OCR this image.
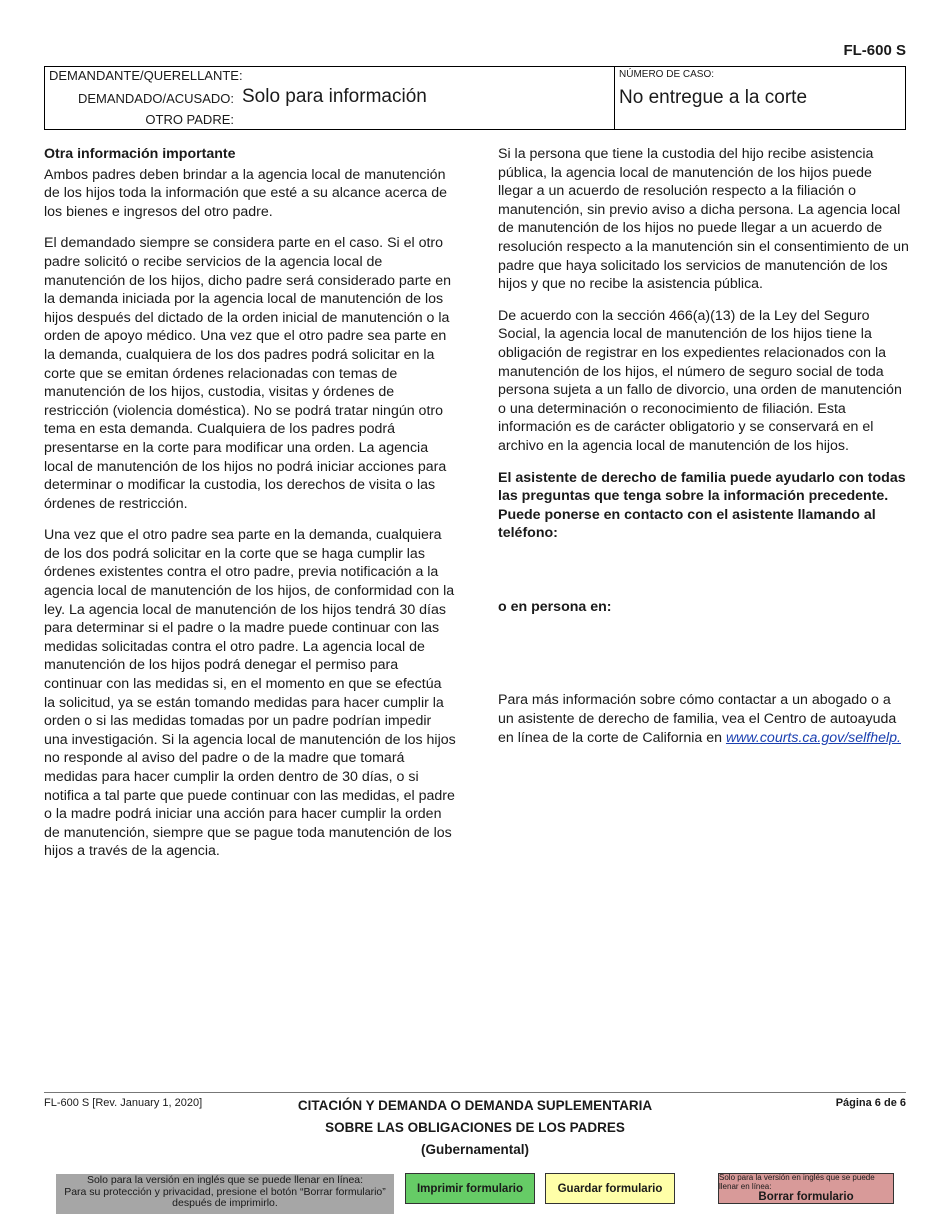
FL-600 S
DEMANDANTE/QUERELLANTE:
DEMANDADO/ACUSADO: Solo para información
OTRO PADRE:
NÚMERO DE CASO:
No entregue a la corte
Otra información importante

Ambos padres deben brindar a la agencia local de manutención de los hijos toda la información que esté a su alcance acerca de los bienes e ingresos del otro padre.

El demandado siempre se considera parte en el caso. Si el otro padre solicitó o recibe servicios de la agencia local de manutención de los hijos, dicho padre será considerado parte en la demanda iniciada por la agencia local de manutención de los hijos después del dictado de la orden inicial de manutención o la orden de apoyo médico. Una vez que el otro padre sea parte en la demanda, cualquiera de los dos padres podrá solicitar en la corte que se emitan órdenes relacionadas con temas de manutención de los hijos, custodia, visitas y órdenes de restricción (violencia doméstica). No se podrá tratar ningún otro tema en esta demanda. Cualquiera de los padres podrá presentarse en la corte para modificar una orden. La agencia local de manutención de los hijos no podrá iniciar acciones para determinar o modificar la custodia, los derechos de visita o las órdenes de restricción.

Una vez que el otro padre sea parte en la demanda, cualquiera de los dos podrá solicitar en la corte que se haga cumplir las órdenes existentes contra el otro padre, previa notificación a la agencia local de manutención de los hijos, de conformidad con la ley. La agencia local de manutención de los hijos tendrá 30 días para determinar si el padre o la madre puede continuar con las medidas solicitadas contra el otro padre. La agencia local de manutención de los hijos podrá denegar el permiso para continuar con las medidas si, en el momento en que se efectúa la solicitud, ya se están tomando medidas para hacer cumplir la orden o si las medidas tomadas por un padre podrían impedir una investigación. Si la agencia local de manutención de los hijos no responde al aviso del padre o de la madre que tomará medidas para hacer cumplir la orden dentro de 30 días, o si notifica a tal parte que puede continuar con las medidas, el padre o la madre podrá iniciar una acción para hacer cumplir la orden de manutención, siempre que se pague toda manutención de los hijos a través de la agencia.

Si la persona que tiene la custodia del hijo recibe asistencia pública, la agencia local de manutención de los hijos puede llegar a un acuerdo de resolución respecto a la filiación o manutención, sin previo aviso a dicha persona. La agencia local de manutención de los hijos no puede llegar a un acuerdo de resolución respecto a la manutención sin el consentimiento de un padre que haya solicitado los servicios de manutención de los hijos y que no recibe la asistencia pública.

De acuerdo con la sección 466(a)(13) de la Ley del Seguro Social, la agencia local de manutención de los hijos tiene la obligación de registrar en los expedientes relacionados con la manutención de los hijos, el número de seguro social de toda persona sujeta a un fallo de divorcio, una orden de manutención o una determinación o reconocimiento de filiación. Esta información es de carácter obligatorio y se conservará en el archivo en la agencia local de manutención de los hijos.

El asistente de derecho de familia puede ayudarlo con todas las preguntas que tenga sobre la información precedente. Puede ponerse en contacto con el asistente llamando al teléfono:

o en persona en:

Para más información sobre cómo contactar a un abogado o a un asistente de derecho de familia, vea el Centro de autoayuda en línea de la corte de California en www.courts.ca.gov/selfhelp.

FL-600 S [Rev. January 1, 2020]	CITACIÓN Y DEMANDA O DEMANDA SUPLEMENTARIA
SOBRE LAS OBLIGACIONES DE LOS PADRES
(Gubernamental)
Página 6 de 6
Solo para la versión en inglés que se puede llenar en línea:
Para su protección y privacidad, presione el botón “Borrar formulario”
después de imprimirlo.
Imprimir formulario	Guardar formulario
Solo para la versión en inglés que se puede llenar en línea:
Borrar formulario
